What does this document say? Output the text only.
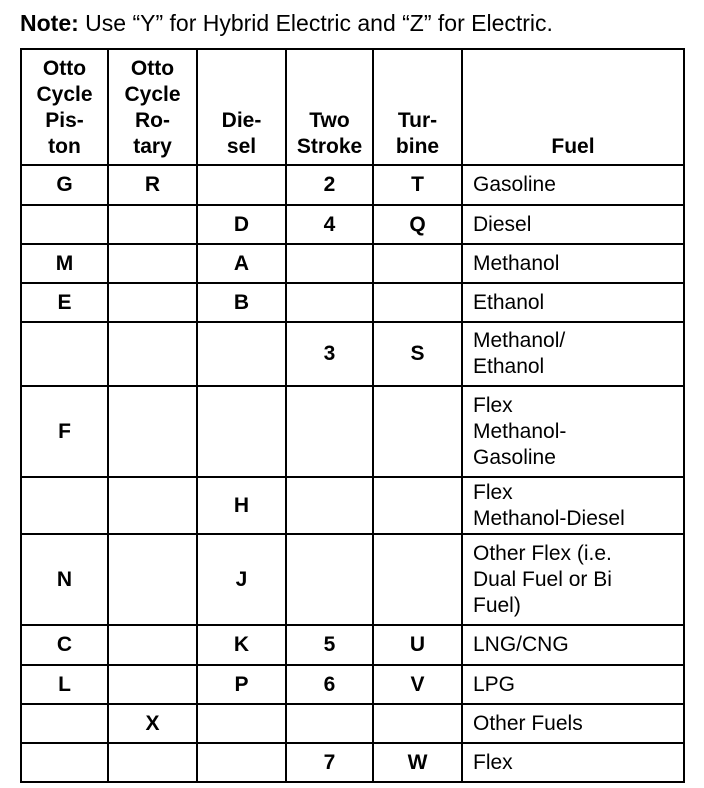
Note: Use “Y” for Hybrid Electric and “Z” for Electric.
Otto
Cycle
Pis-
ton	Otto
Cycle
Ro-
tary	Die-
sel	Two
Stroke	Tur-
bine	Fuel

G	R		2	T	Gasoline

		D	4	Q	Diesel

M		A			Methanol

E		B			Ethanol

			3	S	Methanol/
Ethanol

F					Flex
Methanol-
Gasoline

		H			Flex
Methanol-Diesel

N		J			Other Flex (i.e.
Dual Fuel or Bi
Fuel)

C		K	5	U	LNG/CNG

L		P	6	V	LPG

	X				Other Fuels

			7	W	Flex
